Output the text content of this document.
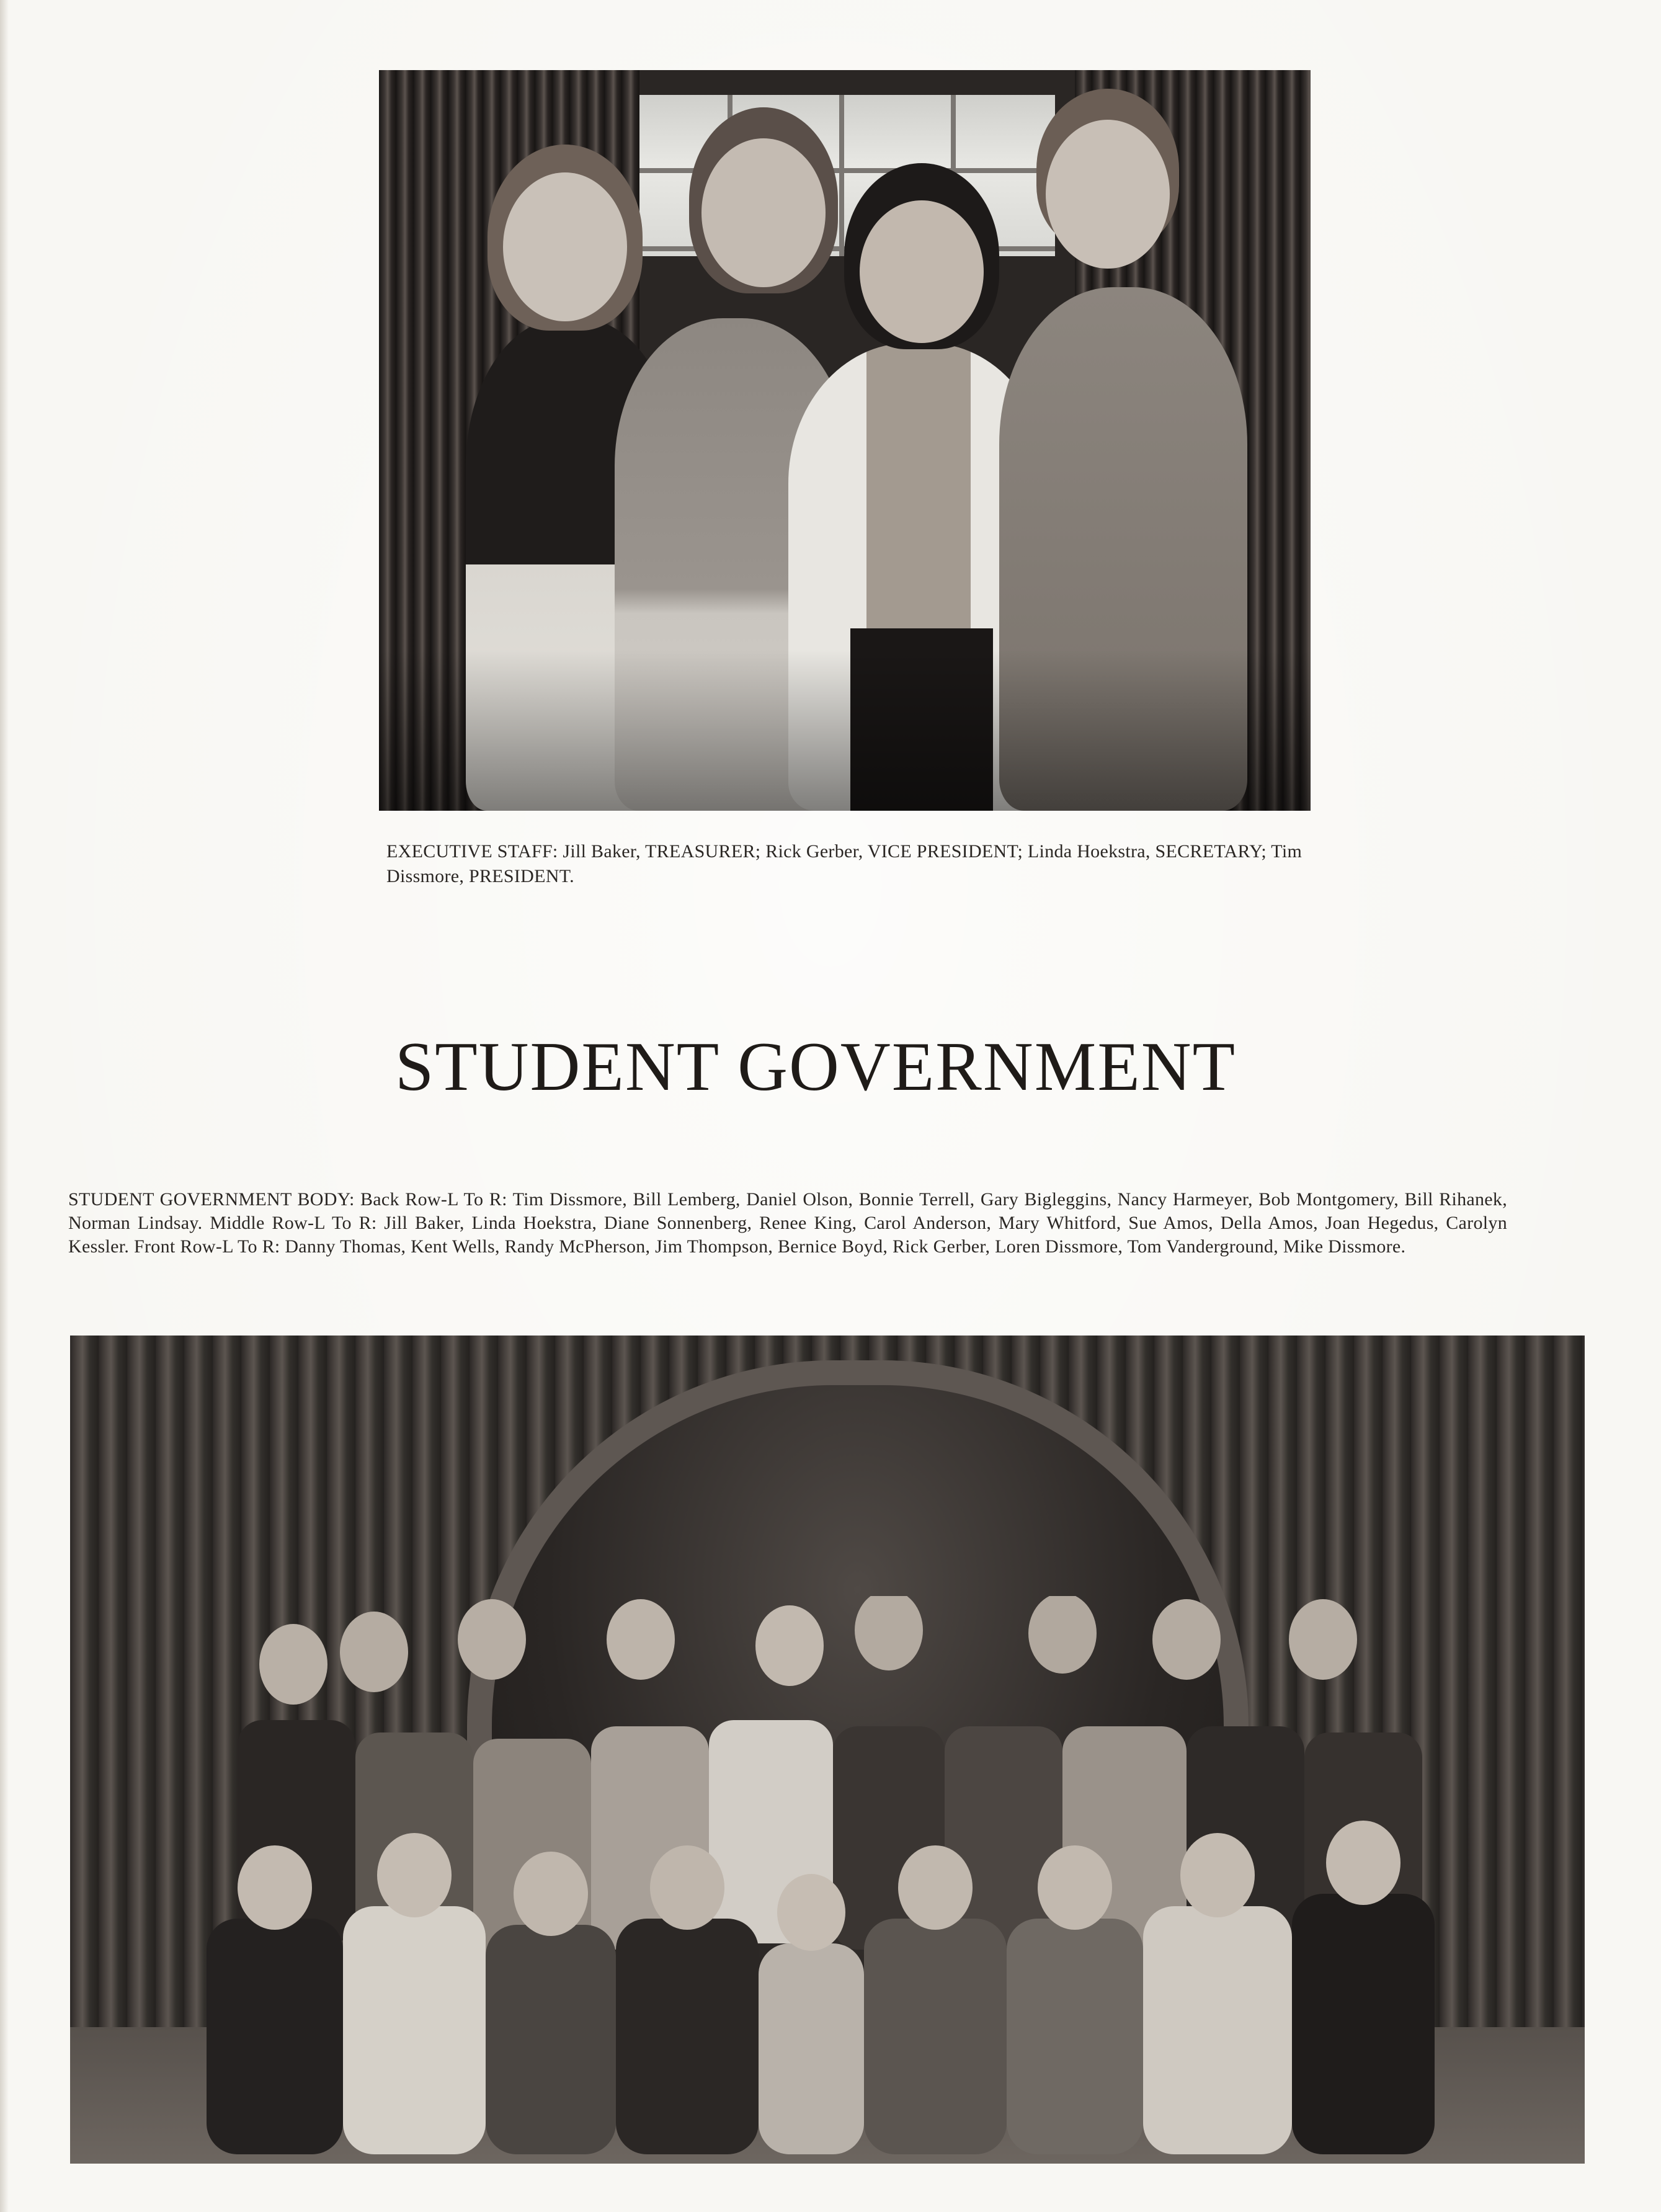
EXECUTIVE STAFF: Jill Baker, TREASURER; Rick Gerber, VICE PRESIDENT; Linda Hoekstra, SECRETARY; Tim Dissmore, PRESIDENT.
STUDENT GOVERNMENT
STUDENT GOVERNMENT BODY: Back Row-L To R: Tim Dissmore, Bill Lemberg, Daniel Olson, Bonnie Terrell, Gary Bigleggins, Nancy Harmeyer, Bob Montgomery, Bill Rihanek, Norman Lindsay. Middle Row-L To R: Jill Baker, Linda Hoekstra, Diane Sonnenberg, Renee King, Carol Anderson, Mary Whitford, Sue Amos, Della Amos, Joan Hegedus, Carolyn Kessler. Front Row-L To R: Danny Thomas, Kent Wells, Randy McPherson, Jim Thompson, Bernice Boyd, Rick Gerber, Loren Dissmore, Tom Vanderground, Mike Dissmore.
